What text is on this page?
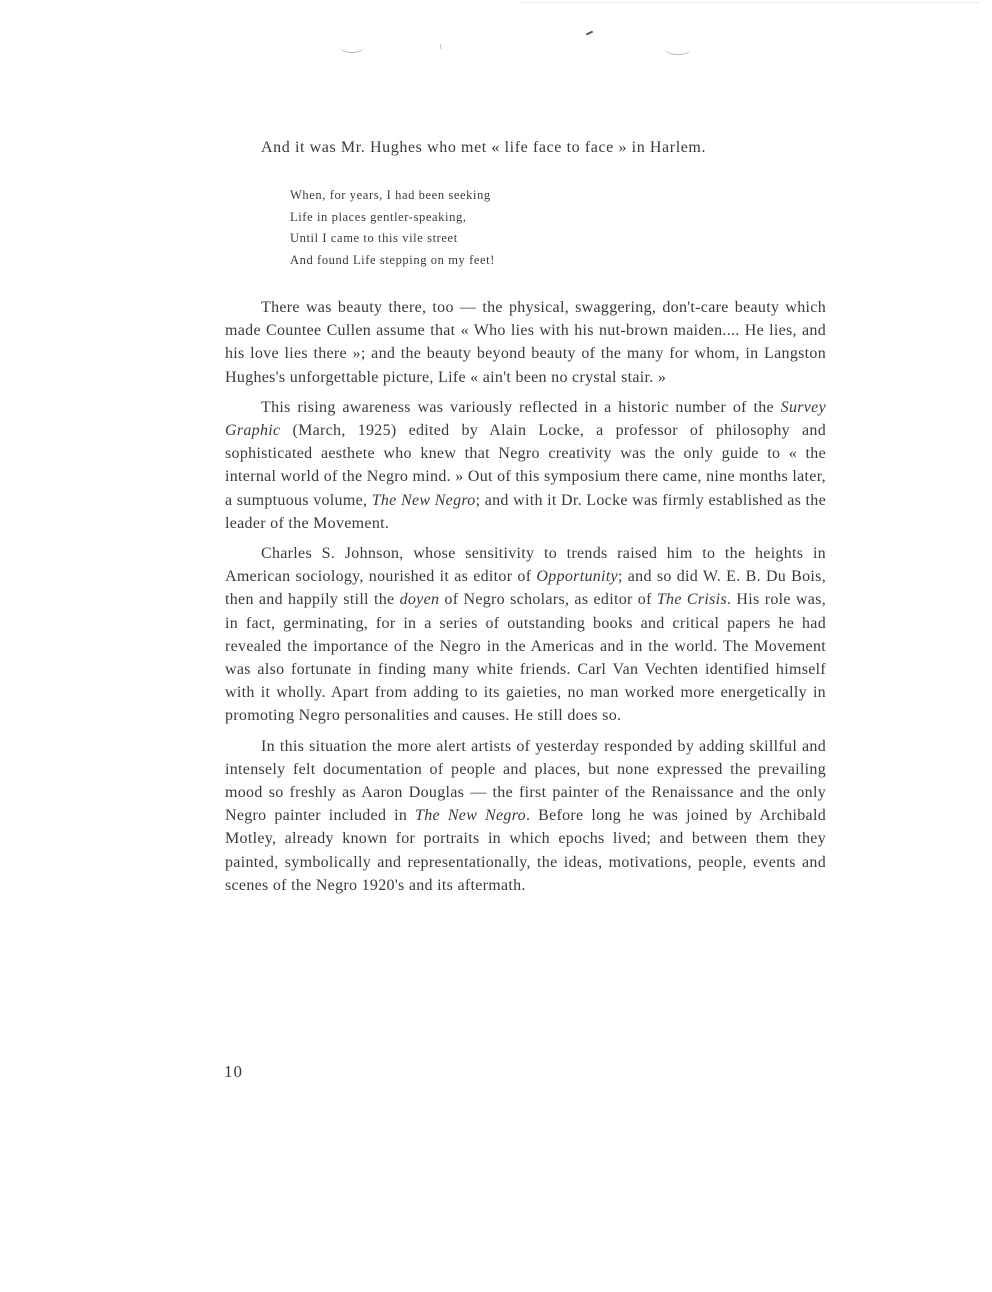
And it was Mr. Hughes who met « life face to face » in Harlem.

When, for years, I had been seeking
Life in places gentler-speaking,
Until I came to this vile street
And found Life stepping on my feet!

There was beauty there, too — the physical, swaggering, don't-care beauty which made Countee Cullen assume that « Who lies with his nut-brown maiden.... He lies, and his love lies there »; and the beauty beyond beauty of the many for whom, in Langston Hughes's unforgettable picture, Life « ain't been no crystal stair. »

This rising awareness was variously reflected in a historic number of the Survey Graphic (March, 1925) edited by Alain Locke, a professor of philosophy and sophisticated aesthete who knew that Negro creativity was the only guide to « the internal world of the Negro mind. » Out of this symposium there came, nine months later, a sumptuous volume, The New Negro; and with it Dr. Locke was firmly established as the leader of the Movement.

Charles S. Johnson, whose sensitivity to trends raised him to the heights in American sociology, nourished it as editor of Opportunity; and so did W. E. B. Du Bois, then and happily still the doyen of Negro scholars, as editor of The Crisis. His role was, in fact, germinating, for in a series of outstanding books and critical papers he had revealed the importance of the Negro in the Americas and in the world. The Movement was also fortunate in finding many white friends. Carl Van Vechten identified himself with it wholly. Apart from adding to its gaieties, no man worked more energetically in promoting Negro personalities and causes. He still does so.

In this situation the more alert artists of yesterday responded by adding skillful and intensely felt documentation of people and places, but none expressed the prevailing mood so freshly as Aaron Douglas — the first painter of the Renaissance and the only Negro painter included in The New Negro. Before long he was joined by Archibald Motley, already known for portraits in which epochs lived; and between them they painted, symbolically and representationally, the ideas, motivations, people, events and scenes of the Negro 1920's and its aftermath.

10
